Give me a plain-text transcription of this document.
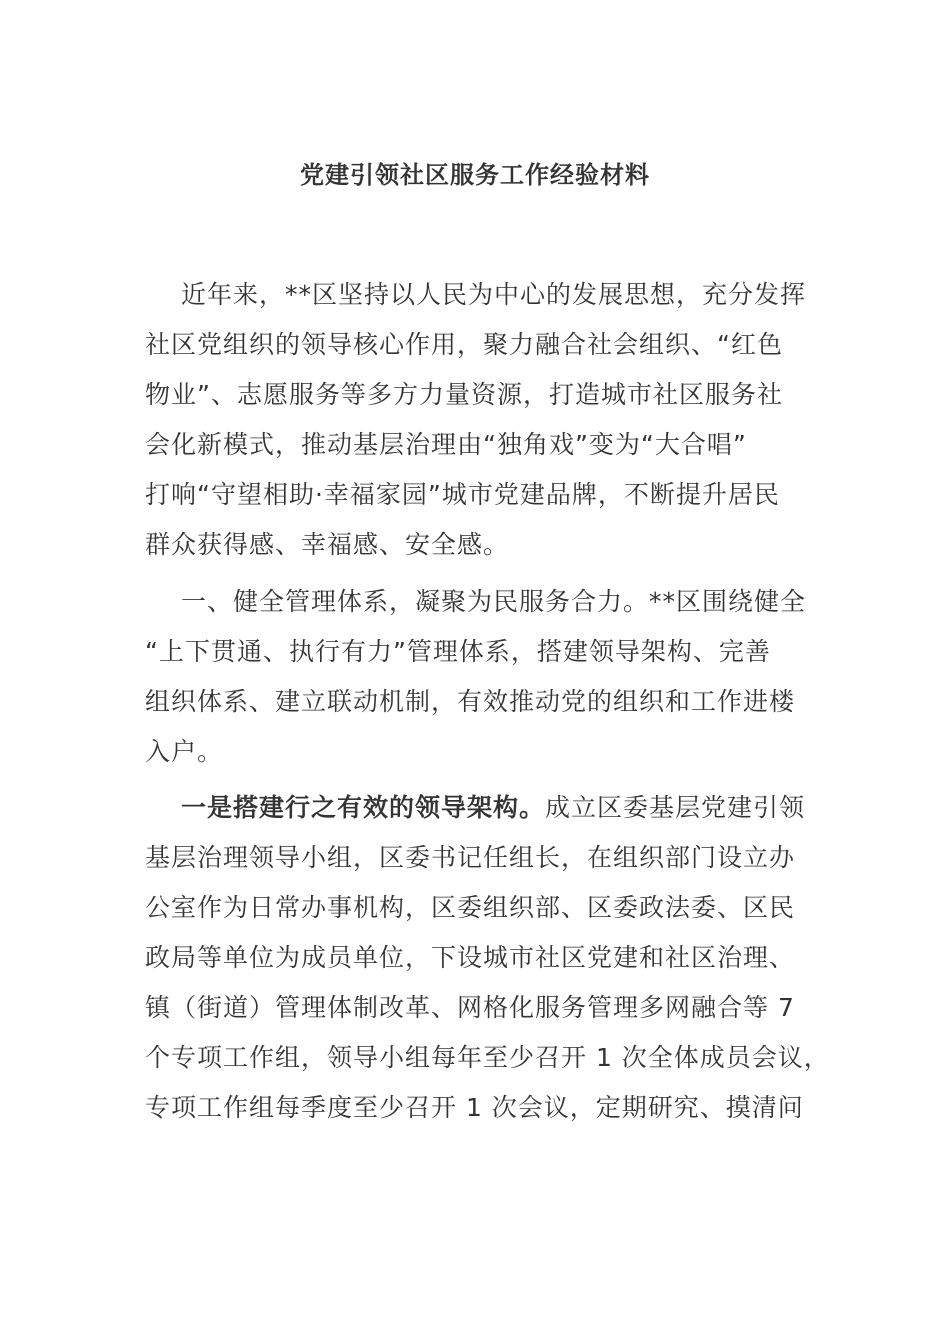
党建引领社区服务工作经验材料
近年来，**区坚持以人民为中心的发展思想，充分发挥
社区党组织的领导核心作用，聚力融合社会组织、“红色
物业”、志愿服务等多方力量资源，打造城市社区服务社
会化新模式，推动基层治理由“独角戏”变为“大合唱”
打响“守望相助·幸福家园”城市党建品牌，不断提升居民
群众获得感、幸福感、安全感。
一、健全管理体系，凝聚为民服务合力。**区围绕健全
“上下贯通、执行有力”管理体系，搭建领导架构、完善
组织体系、建立联动机制，有效推动党的组织和工作进楼
入户。
一是搭建行之有效的领导架构。成立区委基层党建引领
基层治理领导小组，区委书记任组长，在组织部门设立办
公室作为日常办事机构，区委组织部、区委政法委、区民
政局等单位为成员单位，下设城市社区党建和社区治理、
镇（街道）管理体制改革、网格化服务管理多网融合等 7
个专项工作组，领导小组每年至少召开 1 次全体成员会议，
专项工作组每季度至少召开 1 次会议，定期研究、摸清问
